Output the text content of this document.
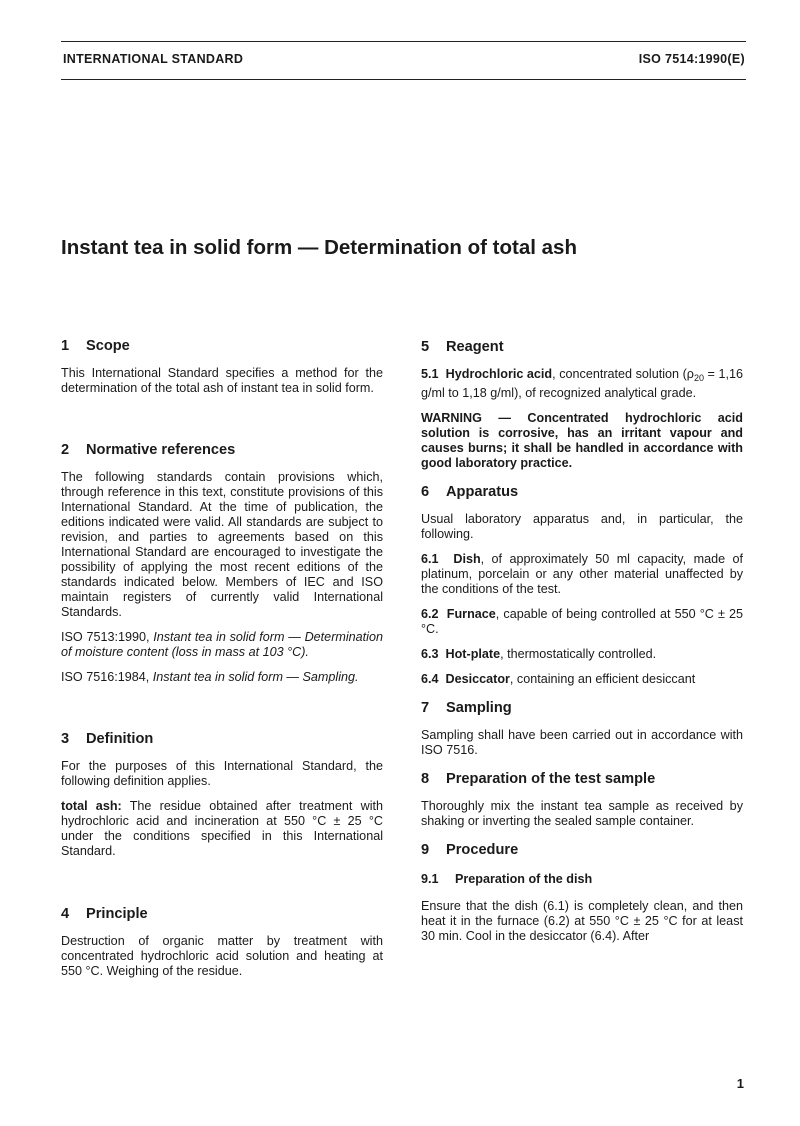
INTERNATIONAL STANDARD	ISO 7514:1990(E)
Instant tea in solid form — Determination of total ash
1 Scope

This International Standard specifies a method for the determination of the total ash of instant tea in solid form.

2 Normative references

The following standards contain provisions which, through reference in this text, constitute provisions of this International Standard. At the time of publication, the editions indicated were valid. All standards are subject to revision, and parties to agreements based on this International Standard are encouraged to investigate the possibility of applying the most recent editions of the standards indicated below. Members of IEC and ISO maintain registers of currently valid International Standards.

ISO 7513:1990, Instant tea in solid form — Determination of moisture content (loss in mass at 103 °C).

ISO 7516:1984, Instant tea in solid form — Sampling.

3 Definition

For the purposes of this International Standard, the following definition applies.

total ash: The residue obtained after treatment with hydrochloric acid and incineration at 550 °C ± 25 °C under the conditions specified in this International Standard.

4 Principle

Destruction of organic matter by treatment with concentrated hydrochloric acid solution and heating at 550 °C. Weighing of the residue.

5 Reagent

5.1 Hydrochloric acid, concentrated solution ($\rho_{20} = 1,16$ g/ml to 1,18 g/ml), of recognized analytical grade.

WARNING — Concentrated hydrochloric acid solution is corrosive, has an irritant vapour and causes burns; it shall be handled in accordance with good laboratory practice.

6 Apparatus

Usual laboratory apparatus and, in particular, the following.

6.1 Dish, of approximately 50 ml capacity, made of platinum, porcelain or any other material unaffected by the conditions of the test.

6.2 Furnace, capable of being controlled at 550 °C ± 25 °C.

6.3 Hot-plate, thermostatically controlled.

6.4 Desiccator, containing an efficient desiccant

7 Sampling

Sampling shall have been carried out in accordance with ISO 7516.

8 Preparation of the test sample

Thoroughly mix the instant tea sample as received by shaking or inverting the sealed sample container.

9 Procedure
9.1 Preparation of the dish

Ensure that the dish (6.1) is completely clean, and then heat it in the furnace (6.2) at 550 °C ± 25 °C for at least 30 min. Cool in the desiccator (6.4). After

1
